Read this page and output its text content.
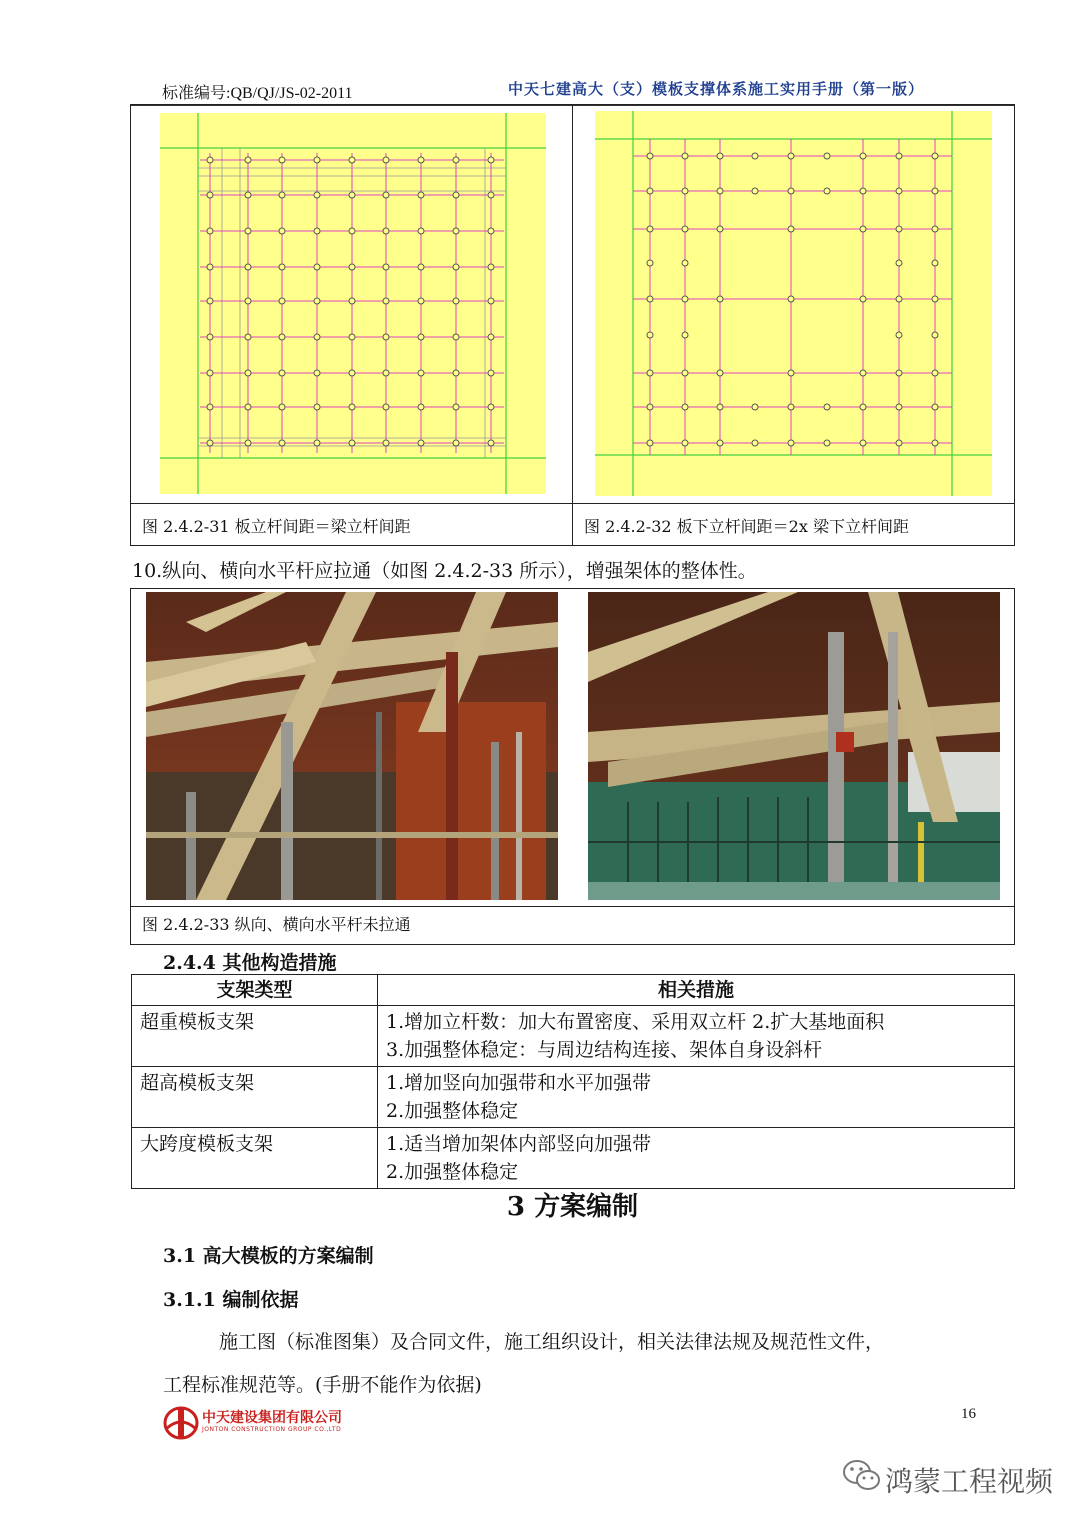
标准编号:QB/QJ/JS-02-2011	中天七建高大（支）模板支撑体系施工实用手册（第一版）
图 2.4.2-31 板立杆间距＝梁立杆间距	图 2.4.2-32 板下立杆间距＝2x 梁下立杆间距
10.纵向、横向水平杆应拉通（如图 2.4.2-33 所示），增强架体的整体性。
图 2.4.2-33 纵向、横向水平杆未拉通
2.4.4 其他构造措施
支架类型	相关措施
超重模板支架	1.增加立杆数：加大布置密度、采用双立杆 2.扩大基地面积
3.加强整体稳定：与周边结构连接、架体自身设斜杆

超高模板支架	1.增加竖向加强带和水平加强带
2.加强整体稳定

大跨度模板支架	1.适当增加架体内部竖向加强带
2.加强整体稳定
3 方案编制
3.1 高大模板的方案编制
3.1.1 编制依据
施工图（标准图集）及合同文件，施工组织设计，相关法律法规及规范性文件，
工程标准规范等。(手册不能作为依据)
中天建设集团有限公司
JONTON CONSTRUCTION GROUP CO.,LTD
16
鸿蒙工程视频
